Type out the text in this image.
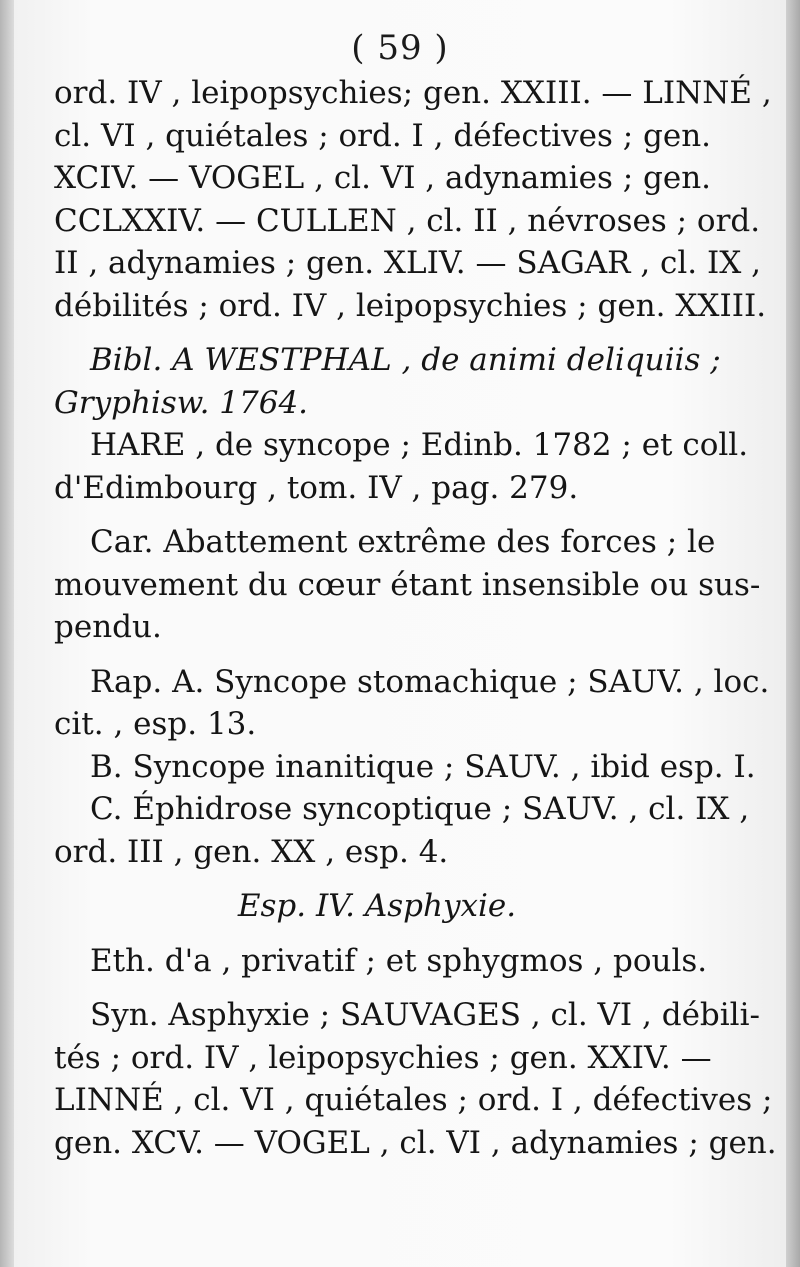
( 59 )
ord. IV , leipopsychies; gen. XXIII. — LINNÉ ,
cl. VI , quiétales ; ord. I , défectives ; gen.
XCIV. — VOGEL , cl. VI , adynamies ; gen.
CCLXXIV. — CULLEN , cl. II , névroses ; ord.
II , adynamies ; gen. XLIV. — SAGAR , cl. IX ,
débilités ; ord. IV , leipopsychies ; gen. XXIII.
Bibl. A WESTPHAL , de animi deliquiis ;
Gryphisw. 1764.
HARE , de syncope ; Edinb. 1782 ; et coll.
d'Edimbourg , tom. IV , pag. 279.
Car. Abattement extrême des forces ; le
mouvement du cœur étant insensible ou sus-
pendu.
Rap. A. Syncope stomachique ; SAUV. , loc.
cit. , esp. 13.
B. Syncope inanitique ; SAUV. , ibid esp. I.
C. Éphidrose syncoptique ; SAUV. , cl. IX ,
ord. III , gen. XX , esp. 4.
Esp. IV. Asphyxie.
Eth. d'a , privatif ; et sphygmos , pouls.
Syn. Asphyxie ; SAUVAGES , cl. VI , débili-
tés ; ord. IV , leipopsychies ; gen. XXIV. —
LINNÉ , cl. VI , quiétales ; ord. I , défectives ;
gen. XCV. — VOGEL , cl. VI , adynamies ; gen.
